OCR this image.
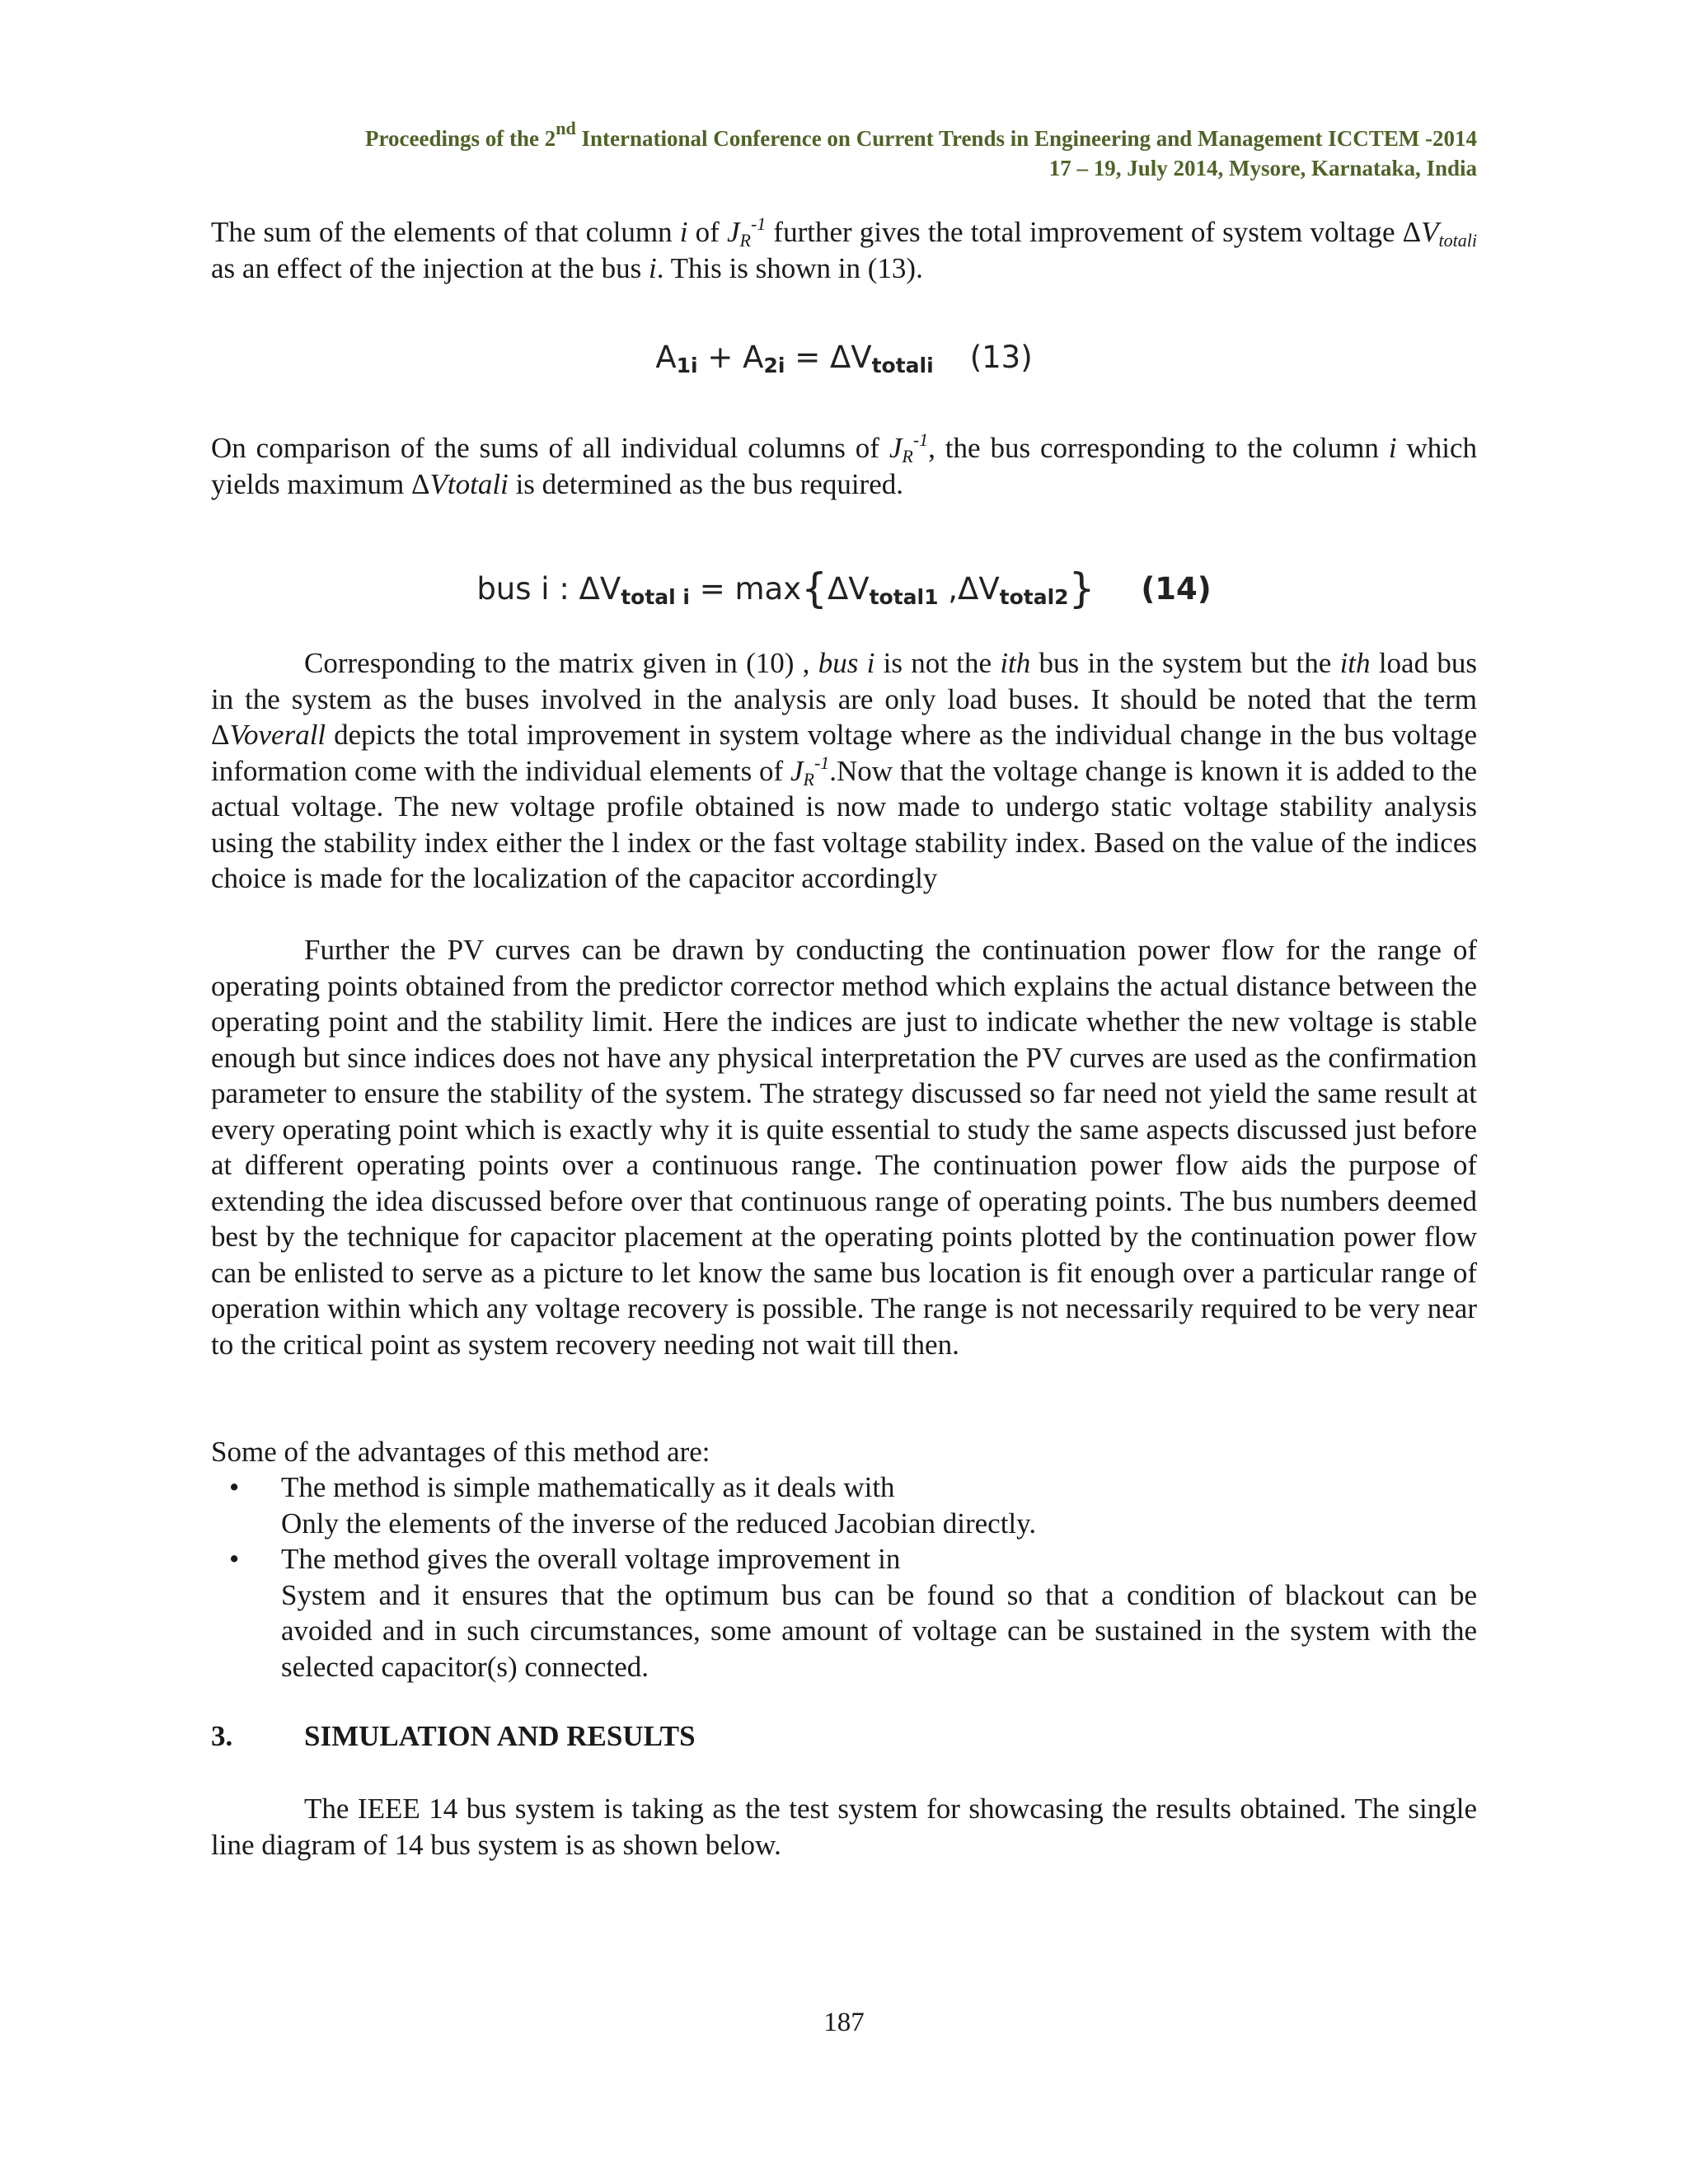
Proceedings of the 2nd International Conference on Current Trends in Engineering and Management ICCTEM -2014
17 – 19, July 2014, Mysore, Karnataka, India
The sum of the elements of that column i of $J_R^{-1}$ further gives the total improvement of system voltage $\Delta V_{totali}$ as an effect of the injection at the bus i. This is shown in (13).
$A_{1i} + A_{2i} = \Delta V_{totali}$ (13)
On comparison of the sums of all individual columns of $J_R^{-1}$, the bus corresponding to the column i which yields maximum ΔVtotali is determined as the bus required.
bus i : $\Delta V_{total i} = \max\{\Delta V_{total1}$ $,\Delta V_{total2}$} (14)
Corresponding to the matrix given in (10) , bus i is not the ith bus in the system but the ith load bus in the system as the buses involved in the analysis are only load buses. It should be noted that the term ΔVoverall depicts the total improvement in system voltage where as the individual change in the bus voltage information come with the individual elements of $J_R^{-1}.Now$ that the voltage change is known it is added to the actual voltage. The new voltage profile obtained is now made to undergo static voltage stability analysis using the stability index either the l index or the fast voltage stability index. Based on the value of the indices choice is made for the localization of the capacitor accordingly
Further the PV curves can be drawn by conducting the continuation power flow for the range of operating points obtained from the predictor corrector method which explains the actual distance between the operating point and the stability limit. Here the indices are just to indicate whether the new voltage is stable enough but since indices does not have any physical interpretation the PV curves are used as the confirmation parameter to ensure the stability of the system. The strategy discussed so far need not yield the same result at every operating point which is exactly why it is quite essential to study the same aspects discussed just before at different operating points over a continuous range. The continuation power flow aids the purpose of extending the idea discussed before over that continuous range of operating points. The bus numbers deemed best by the technique for capacitor placement at the operating points plotted by the continuation power flow can be enlisted to serve as a picture to let know the same bus location is fit enough over a particular range of operation within which any voltage recovery is possible. The range is not necessarily required to be very near to the critical point as system recovery needing not wait till then.
Some of the advantages of this method are:
• The method is simple mathematically as it deals with
Only the elements of the inverse of the reduced Jacobian directly.
• The method gives the overall voltage improvement in
System and it ensures that the optimum bus can be found so that a condition of blackout can be avoided and in such circumstances, some amount of voltage can be sustained in the system with the selected capacitor(s) connected.
3. SIMULATION AND RESULTS
The IEEE 14 bus system is taking as the test system for showcasing the results obtained. The single line diagram of 14 bus system is as shown below.
187
